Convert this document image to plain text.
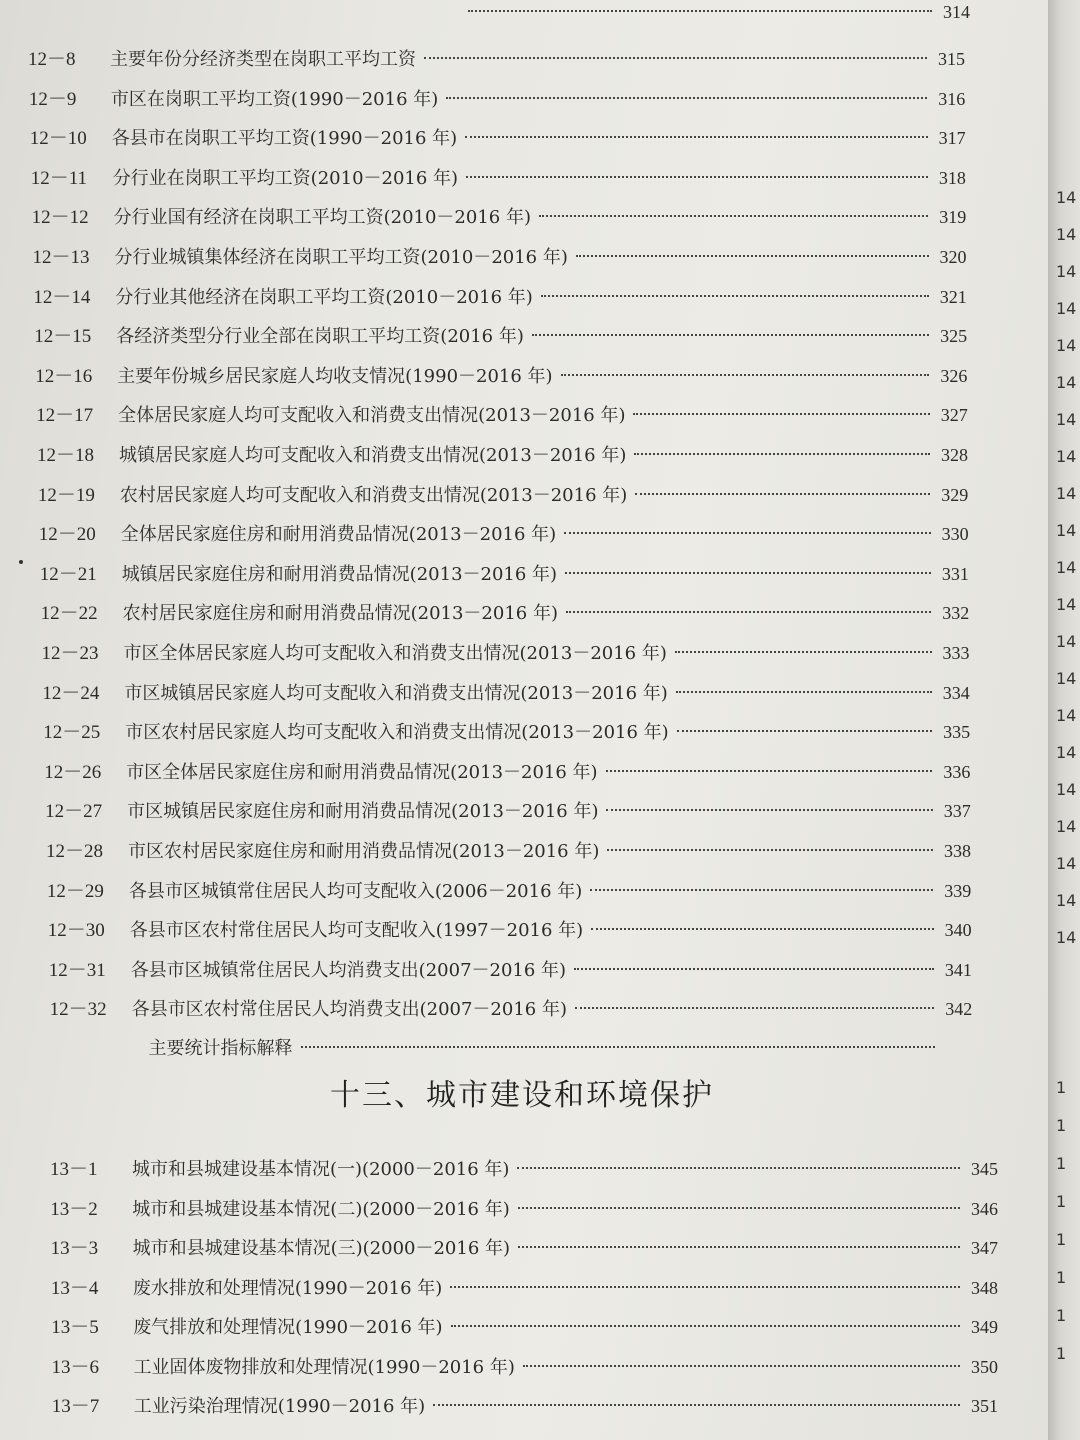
314
12－8	主要年份分经济类型在岗职工平均工资	315
12－9	市区在岗职工平均工资(1990－2016 年)	316
12－10	各县市在岗职工平均工资(1990－2016 年)	317
12－11	分行业在岗职工平均工资(2010－2016 年)	318
12－12	分行业国有经济在岗职工平均工资(2010－2016 年)	319
12－13	分行业城镇集体经济在岗职工平均工资(2010－2016 年)	320
12－14	分行业其他经济在岗职工平均工资(2010－2016 年)	321
12－15	各经济类型分行业全部在岗职工平均工资(2016 年)	325
12－16	主要年份城乡居民家庭人均收支情况(1990－2016 年)	326
12－17	全体居民家庭人均可支配收入和消费支出情况(2013－2016 年)	327
12－18	城镇居民家庭人均可支配收入和消费支出情况(2013－2016 年)	328
12－19	农村居民家庭人均可支配收入和消费支出情况(2013－2016 年)	329
12－20	全体居民家庭住房和耐用消费品情况(2013－2016 年)	330
12－21	城镇居民家庭住房和耐用消费品情况(2013－2016 年)	331
12－22	农村居民家庭住房和耐用消费品情况(2013－2016 年)	332
12－23	市区全体居民家庭人均可支配收入和消费支出情况(2013－2016 年)	333
12－24	市区城镇居民家庭人均可支配收入和消费支出情况(2013－2016 年)	334
12－25	市区农村居民家庭人均可支配收入和消费支出情况(2013－2016 年)	335
12－26	市区全体居民家庭住房和耐用消费品情况(2013－2016 年)	336
12－27	市区城镇居民家庭住房和耐用消费品情况(2013－2016 年)	337
12－28	市区农村居民家庭住房和耐用消费品情况(2013－2016 年)	338
12－29	各县市区城镇常住居民人均可支配收入(2006－2016 年)	339
12－30	各县市区农村常住居民人均可支配收入(1997－2016 年)	340
12－31	各县市区城镇常住居民人均消费支出(2007－2016 年)	341
12－32	各县市区农村常住居民人均消费支出(2007－2016 年)	342
主要统计指标解释
十三、城市建设和环境保护
13－1	城市和县城建设基本情况(一)(2000－2016 年)	345
13－2	城市和县城建设基本情况(二)(2000－2016 年)	346
13－3	城市和县城建设基本情况(三)(2000－2016 年)	347
13－4	废水排放和处理情况(1990－2016 年)	348
13－5	废气排放和处理情况(1990－2016 年)	349
13－6	工业固体废物排放和处理情况(1990－2016 年)	350
13－7	工业污染治理情况(1990－2016 年)	351
14
14
14
14
14
14
14
14
14
14
14
14
14
14
14
14
14
14
14
14
14
1
1
1
1
1
1
1
1
